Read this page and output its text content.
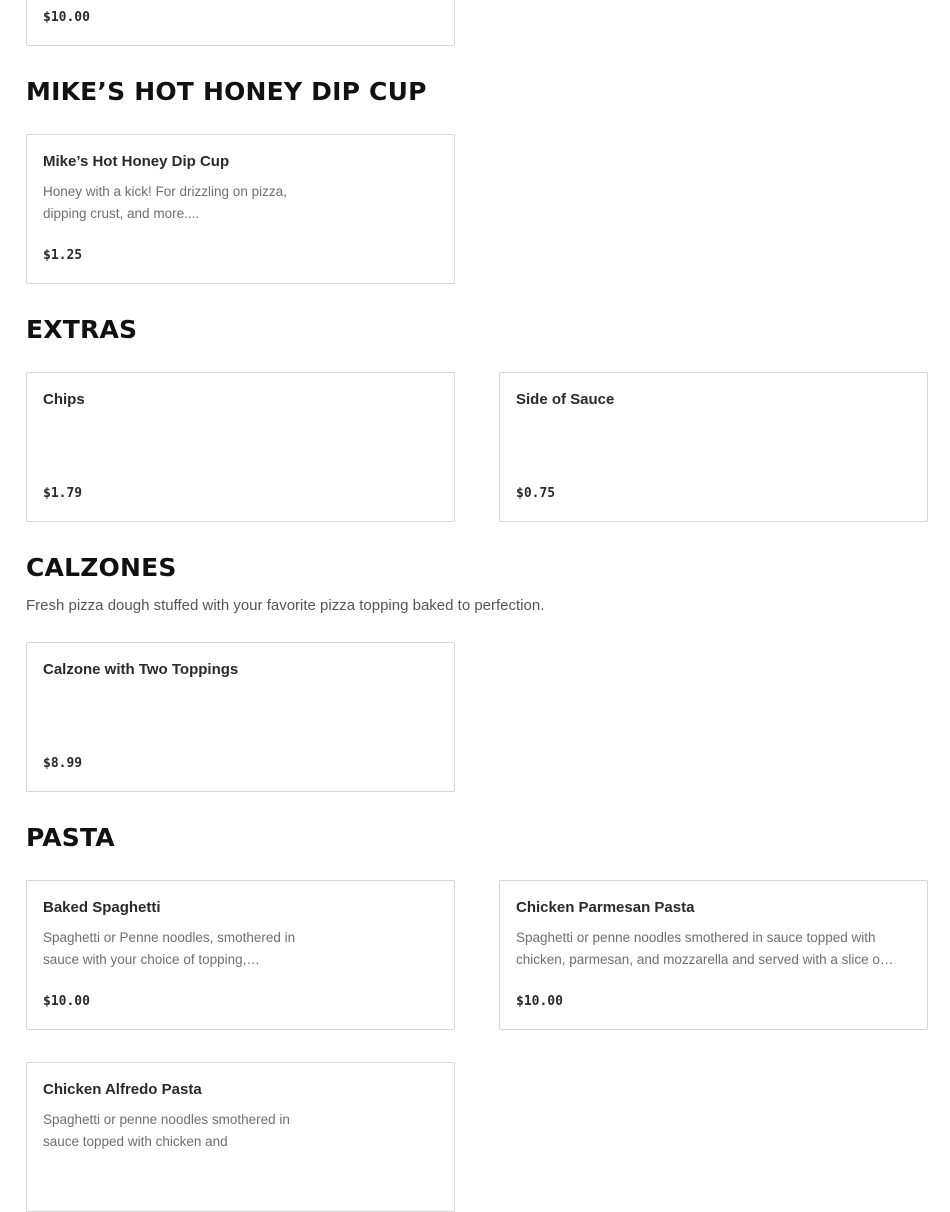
$10.00
MIKE’S HOT HONEY DIP CUP
Mike’s Hot Honey Dip Cup
Honey with a kick! For drizzling on pizza, dipping crust, and more....
$1.25
EXTRAS
Chips
$1.79
Side of Sauce
$0.75
CALZONES
Fresh pizza dough stuffed with your favorite pizza topping baked to perfection.
Calzone with Two Toppings
$8.99
PASTA
Baked Spaghetti
Spaghetti or Penne noodles, smothered in sauce with your choice of topping,…
$10.00
Chicken Parmesan Pasta
Spaghetti or penne noodles smothered in sauce topped with chicken, parmesan, and mozzarella and served with a slice o…
$10.00
Chicken Alfredo Pasta
Spaghetti or penne noodles smothered in sauce topped with chicken and
